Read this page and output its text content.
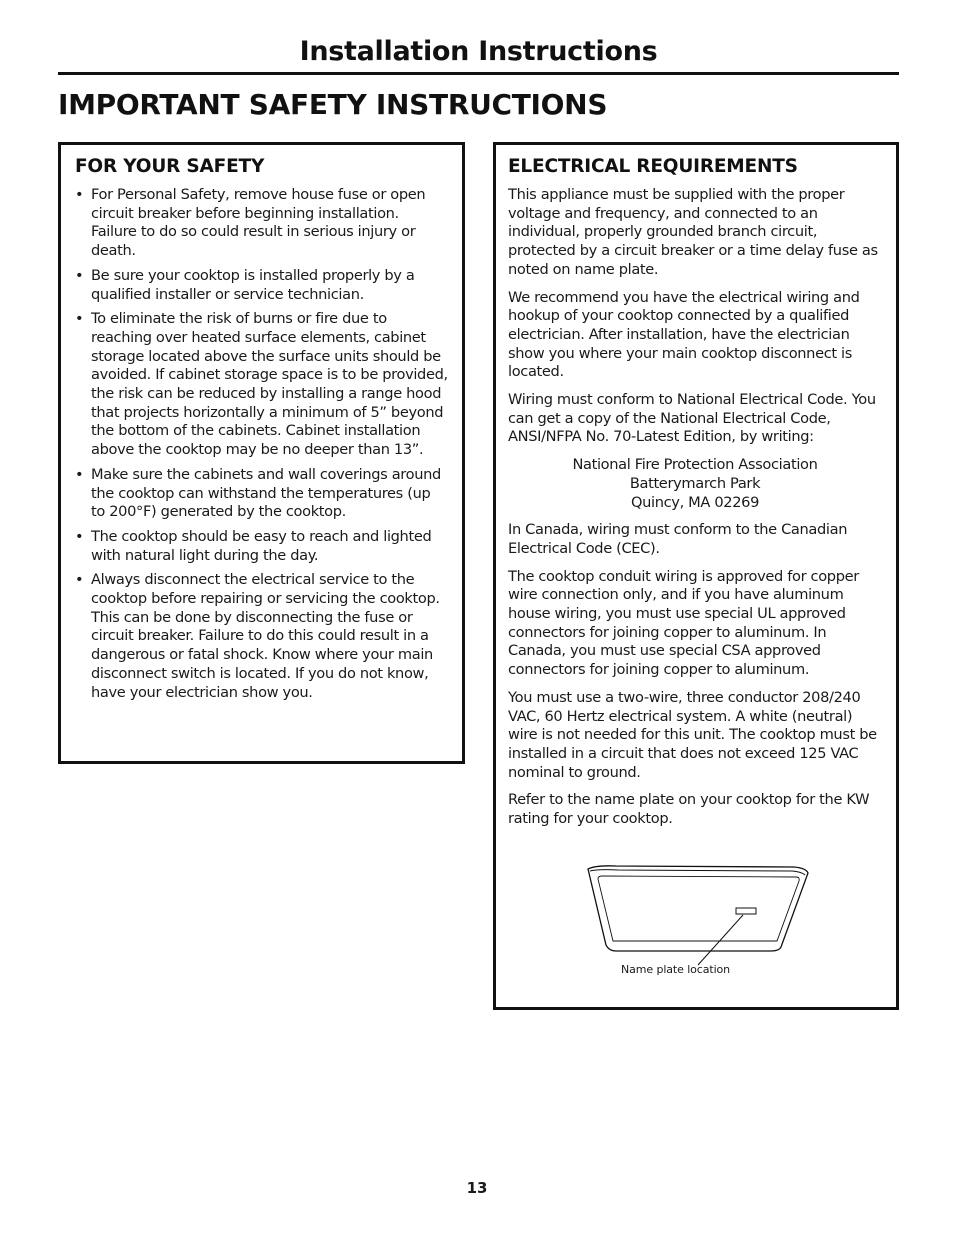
Installation Instructions
IMPORTANT SAFETY INSTRUCTIONS
FOR YOUR SAFETY
• For Personal Safety, remove house fuse or open circuit breaker before beginning installation. Failure to do so could result in serious injury or death.
• Be sure your cooktop is installed properly by a qualified installer or service technician.
• To eliminate the risk of burns or fire due to reaching over heated surface elements, cabinet storage located above the surface units should be avoided. If cabinet storage space is to be provided, the risk can be reduced by installing a range hood that projects horizontally a minimum of 5” beyond the bottom of the cabinets. Cabinet installation above the cooktop may be no deeper than 13”.
• Make sure the cabinets and wall coverings around the cooktop can withstand the temperatures (up to 200°F) generated by the cooktop.
• The cooktop should be easy to reach and lighted with natural light during the day.
• Always disconnect the electrical service to the cooktop before repairing or servicing the cooktop. This can be done by disconnecting the fuse or circuit breaker. Failure to do this could result in a dangerous or fatal shock. Know where your main disconnect switch is located. If you do not know, have your electrician show you.
ELECTRICAL REQUIREMENTS

This appliance must be supplied with the proper voltage and frequency, and connected to an individual, properly grounded branch circuit, protected by a circuit breaker or a time delay fuse as noted on name plate.

We recommend you have the electrical wiring and hookup of your cooktop connected by a qualified electrician. After installation, have the electrician show you where your main cooktop disconnect is located.

Wiring must conform to National Electrical Code. You can get a copy of the National Electrical Code, ANSI/NFPA No. 70-Latest Edition, by writing:

National Fire Protection Association
Batterymarch Park
Quincy, MA 02269

In Canada, wiring must conform to the Canadian Electrical Code (CEC).

The cooktop conduit wiring is approved for copper wire connection only, and if you have aluminum house wiring, you must use special UL approved connectors for joining copper to aluminum. In Canada, you must use special CSA approved connectors for joining copper to aluminum.

You must use a two-wire, three conductor 208/240 VAC, 60 Hertz electrical system. A white (neutral) wire is not needed for this unit. The cooktop must be installed in a circuit that does not exceed 125 VAC nominal to ground.

Refer to the name plate on your cooktop for the KW rating for your cooktop.

Name plate location
13
